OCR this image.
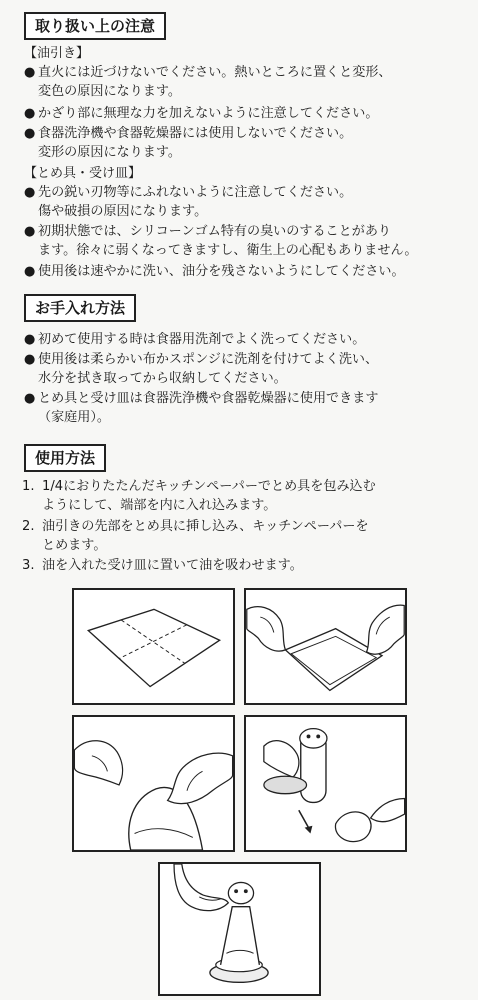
取り扱い上の注意
【油引き】
● 直火には近づけないでください。熱いところに置くと変形、
変色の原因になります。
● かざり部に無理な力を加えないように注意してください。
● 食器洗浄機や食器乾燥器には使用しないでください。
変形の原因になります。
【とめ具・受け皿】
● 先の鋭い刃物等にふれないように注意してください。
傷や破損の原因になります。
● 初期状態では、シリコーンゴム特有の臭いのすることがあり
ます。徐々に弱くなってきますし、衛生上の心配もありません。
● 使用後は速やかに洗い、油分を残さないようにしてください。
お手入れ方法
● 初めて使用する時は食器用洗剤でよく洗ってください。
● 使用後は柔らかい布かスポンジに洗剤を付けてよく洗い、
水分を拭き取ってから収納してください。
● とめ具と受け皿は食器洗浄機や食器乾燥器に使用できます
（家庭用）。
使用方法
1. 1/4におりたたんだキッチンペーパーでとめ具を包み込む
ようにして、端部を内に入れ込みます。
2. 油引きの先部をとめ具に挿し込み、キッチンペーパーを
とめます。
3. 油を入れた受け皿に置いて油を吸わせます。
